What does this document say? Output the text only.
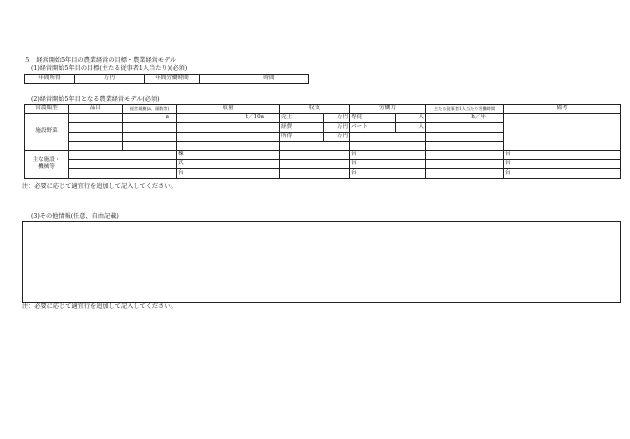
５　経営開始5年目の農業経営の目標・農業経営モデル
(1)経営開始5年目の目標(主たる従事者1人当たり)(必須)
年間所得	万円	年間労働時間	時間
(2)経営開始5年目となる農業経営モデル(必須)
営農類型	品目	経営規模(a、頭数等)	収量	収支		労働力		主たる従事者1人当たり労働時間	備考
施設野菜		a	t／10a	売上	万円	専従	人	h／年	
				経費	万円	パート	人		
				所得	万円				

主な施設・
機械等			棟			台			台
			式			台			台
			台			台			台
注：必要に応じて適宜行を追加して記入してください。
(3)その他情報(任意、自由記載)
注：必要に応じて適宜行を追加して記入してください。
